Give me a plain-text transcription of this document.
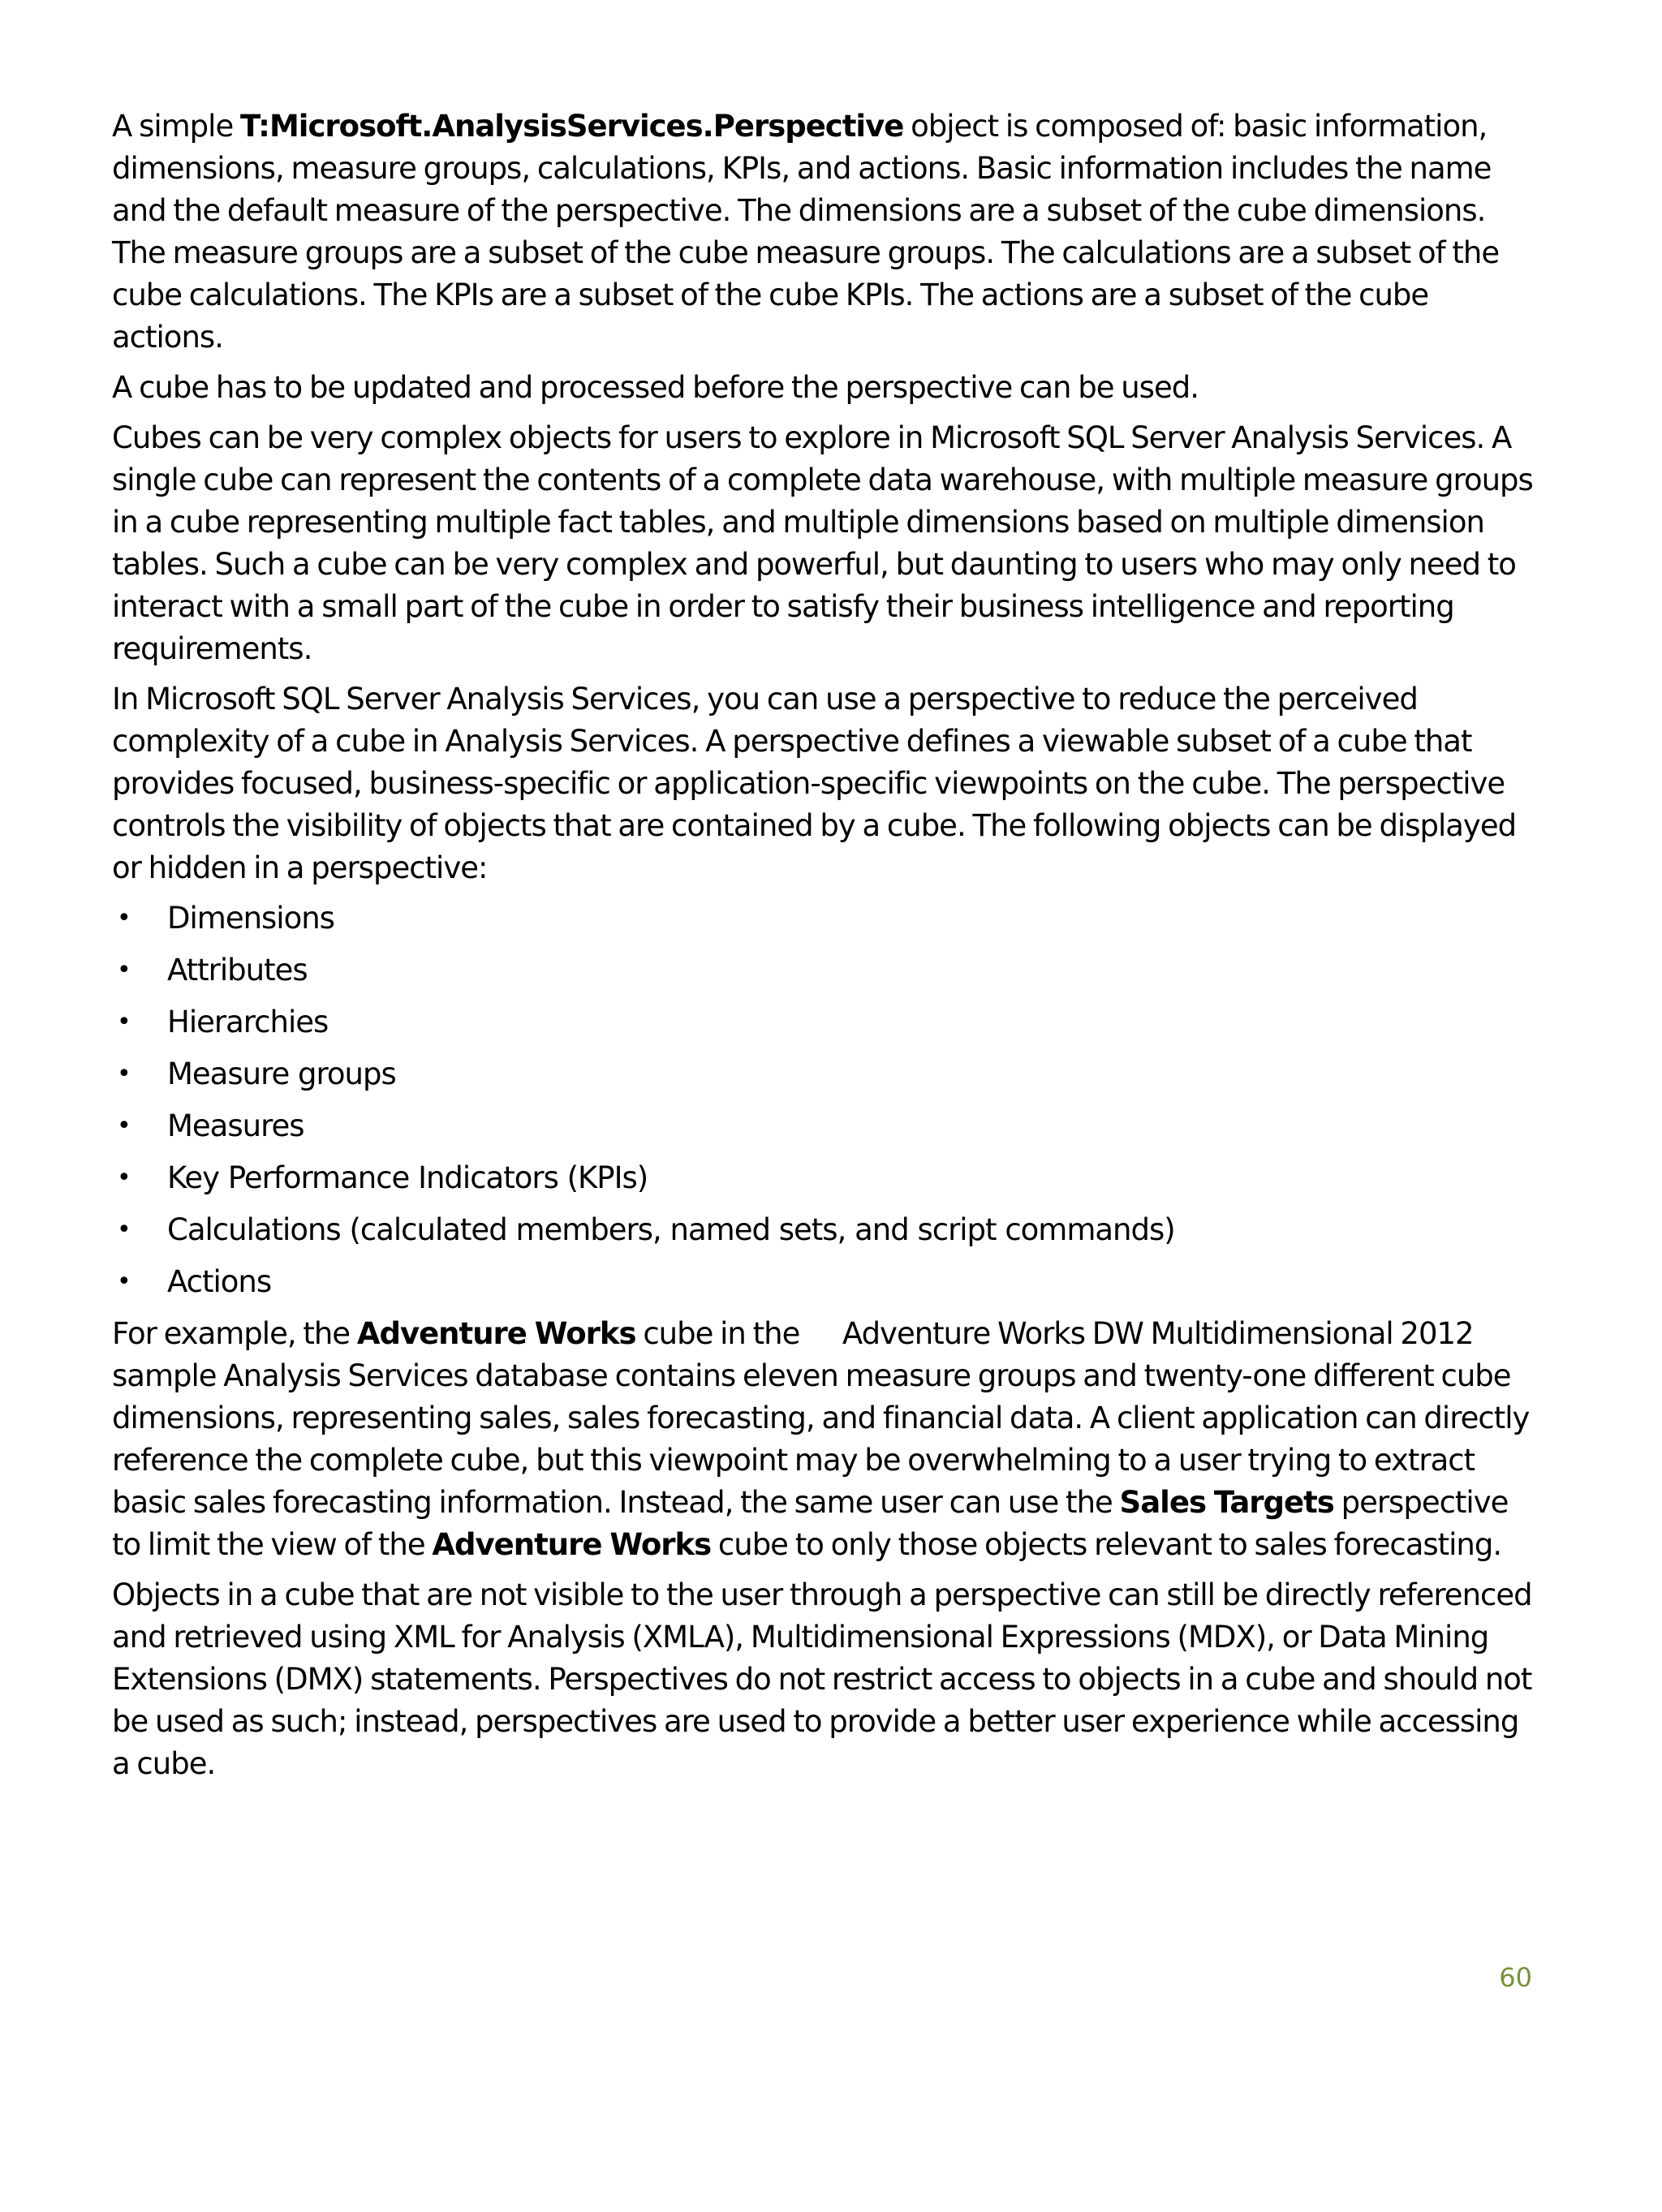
A simple T:Microsoft.AnalysisServices.Perspective object is composed of: basic information, dimensions, measure groups, calculations, KPIs, and actions. Basic information includes the name and the default measure of the perspective. The dimensions are a subset of the cube dimensions. The measure groups are a subset of the cube measure groups. The calculations are a subset of the cube calculations. The KPIs are a subset of the cube KPIs. The actions are a subset of the cube actions.

A cube has to be updated and processed before the perspective can be used.

Cubes can be very complex objects for users to explore in Microsoft SQL Server Analysis Services. A single cube can represent the contents of a complete data warehouse, with multiple measure groups in a cube representing multiple fact tables, and multiple dimensions based on multiple dimension tables. Such a cube can be very complex and powerful, but daunting to users who may only need to interact with a small part of the cube in order to satisfy their business intelligence and reporting requirements.

In Microsoft SQL Server Analysis Services, you can use a perspective to reduce the perceived complexity of a cube in Analysis Services. A perspective defines a viewable subset of a cube that provides focused, business-specific or application-specific viewpoints on the cube. The perspective controls the visibility of objects that are contained by a cube. The following objects can be displayed or hidden in a perspective:

• Dimensions
• Attributes
• Hierarchies
• Measure groups
• Measures
• Key Performance Indicators (KPIs)
• Calculations (calculated members, named sets, and script commands)
• Actions

For example, the Adventure Works cube in the      Adventure Works DW Multidimensional 2012    sample Analysis Services database contains eleven measure groups and twenty-one different cube dimensions, representing sales, sales forecasting, and financial data. A client application can directly reference the complete cube, but this viewpoint may be overwhelming to a user trying to extract basic sales forecasting information. Instead, the same user can use the Sales Targets perspective to limit the view of the Adventure Works cube to only those objects relevant to sales forecasting.

Objects in a cube that are not visible to the user through a perspective can still be directly referenced and retrieved using XML for Analysis (XMLA), Multidimensional Expressions (MDX), or Data Mining Extensions (DMX) statements. Perspectives do not restrict access to objects in a cube and should not be used as such; instead, perspectives are used to provide a better user experience while accessing a cube.

60
